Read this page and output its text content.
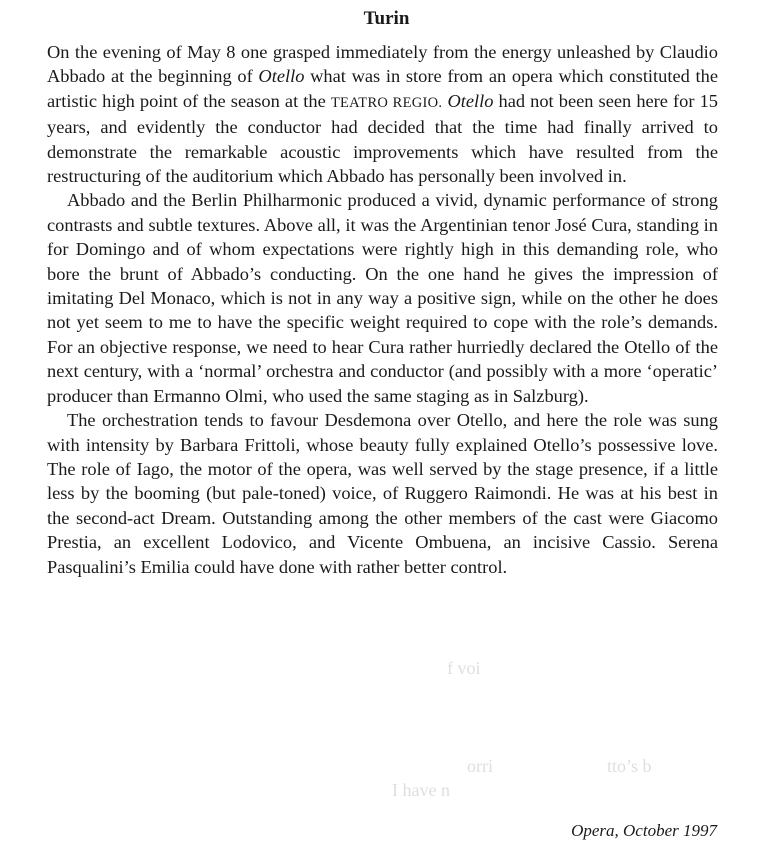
Turin

On the evening of May 8 one grasped immediately from the energy unleashed by Claudio Abbado at the beginning of Otello what was in store from an opera which constituted the artistic high point of the season at the TEATRO REGIO. Otello had not been seen here for 15 years, and evidently the conductor had decided that the time had finally arrived to demonstrate the remarkable acoustic improvements which have resulted from the restructuring of the auditorium which Abbado has personally been involved in.

Abbado and the Berlin Philharmonic produced a vivid, dynamic performance of strong contrasts and subtle textures. Above all, it was the Argentinian tenor José Cura, standing in for Domingo and of whom expectations were rightly high in this demanding role, who bore the brunt of Abbado’s conducting. On the one hand he gives the impression of imitating Del Monaco, which is not in any way a positive sign, while on the other he does not yet seem to me to have the specific weight required to cope with the role’s demands. For an objective response, we need to hear Cura rather hurriedly declared the Otello of the next century, with a ‘normal’ orchestra and conductor (and possibly with a more ‘operatic’ producer than Ermanno Olmi, who used the same staging as in Salzburg).

The orchestration tends to favour Desdemona over Otello, and here the role was sung with intensity by Barbara Frittoli, whose beauty fully explained Otello’s possessive love. The role of Iago, the motor of the opera, was well served by the stage presence, if a little less by the booming (but pale-toned) voice, of Ruggero Raimondi. He was at his best in the second-act Dream. Outstanding among the other members of the cast were Giacomo Prestia, an excellent Lodovico, and Vicente Ombuena, an incisive Cassio. Serena Pasqualini’s Emilia could have done with rather better control.

f voi
orri	tto’s b
I have n
Opera, October 1997
